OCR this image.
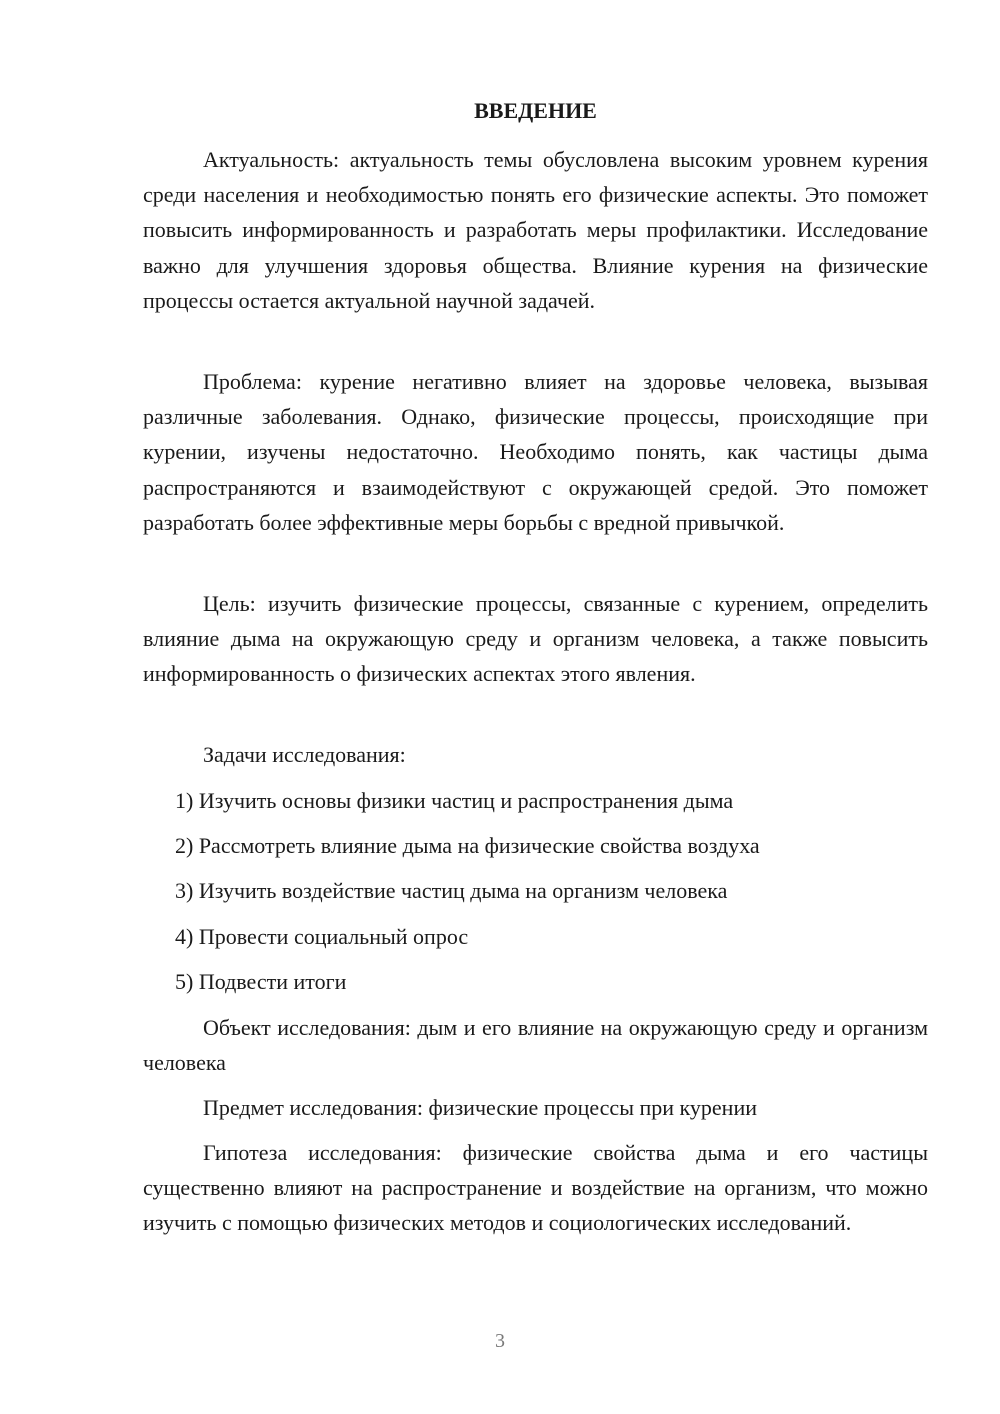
ВВЕДЕНИЕ

Актуальность: актуальность темы обусловлена высоким уровнем курения среди населения и необходимостью понять его физические аспекты. Это поможет повысить информированность и разработать меры профилактики. Исследование важно для улучшения здоровья общества. Влияние курения на физические процессы остается актуальной научной задачей.

Проблема: курение негативно влияет на здоровье человека, вызывая различные заболевания. Однако, физические процессы, происходящие при курении, изучены недостаточно. Необходимо понять, как частицы дыма распространяются и взаимодействуют с окружающей средой. Это поможет разработать более эффективные меры борьбы с вредной привычкой.

Цель: изучить физические процессы, связанные с курением, определить влияние дыма на окружающую среду и организм человека, а также повысить информированность о физических аспектах этого явления.

Задачи исследования:

1) Изучить основы физики частиц и распространения дыма

2) Рассмотреть влияние дыма на физические свойства воздуха

3) Изучить воздействие частиц дыма на организм человека

4) Провести социальный опрос

5) Подвести итоги

Объект исследования: дым и его влияние на окружающую среду и организм человека

Предмет исследования: физические процессы при курении

Гипотеза исследования: физические свойства дыма и его частицы существенно влияют на распространение и воздействие на организм, что можно изучить с помощью физических методов и социологических исследований.

3
